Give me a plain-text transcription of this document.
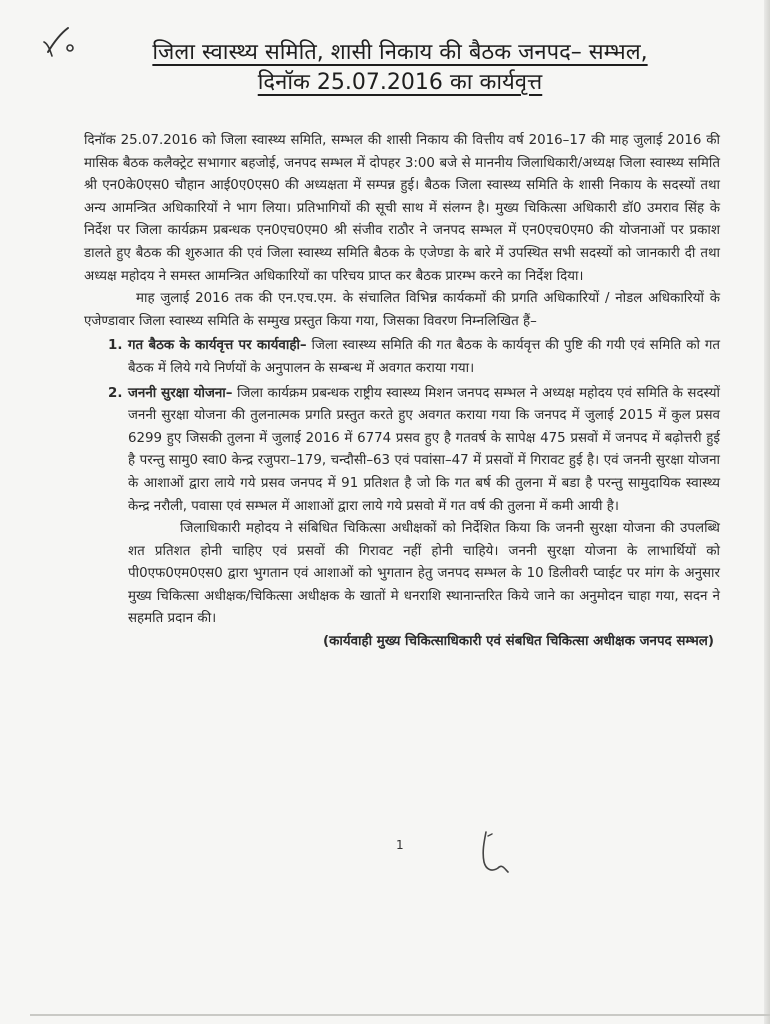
जिला स्वास्थ्य समिति, शासी निकाय की बैठक जनपद– सम्भल,
दिनॉक 25.07.2016 का कार्यवृत्त

दिनॉक 25.07.2016 को जिला स्वास्थ्य समिति, सम्भल की शासी निकाय की वित्तीय वर्ष 2016–17 की माह जुलाई 2016 की मासिक बैठक कलैक्ट्रेट सभागार बहजोई, जनपद सम्भल में दोपहर 3:00 बजे से माननीय जिलाधिकारी/अध्यक्ष जिला स्वास्थ्य समिति श्री एन0के0एस0 चौहान आई0ए0एस0 की अध्यक्षता में सम्पन्न हुई। बैठक जिला स्वास्थ्य समिति के शासी निकाय के सदस्यों तथा अन्य आमन्त्रित अधिकारियों ने भाग लिया। प्रतिभागियों की सूची साथ में संलग्न है। मुख्य चिकित्सा अधिकारी डॉ0 उमराव सिंह के निर्देश पर जिला कार्यक्रम प्रबन्धक एन0एच0एम0 श्री संजीव राठौर ने जनपद सम्भल में एन0एच0एम0 की योजनाओं पर प्रकाश डालते हुए बैठक की शुरुआत की एवं जिला स्वास्थ्य समिति बैठक के एजेण्डा के बारे में उपस्थित सभी सदस्यों को जानकारी दी तथा अध्यक्ष महोदय ने समस्त आमन्त्रित अधिकारियों का परिचय प्राप्त कर बैठक प्रारम्भ करने का निर्देश दिया।

माह जुलाई 2016 तक की एन.एच.एम. के संचालित विभिन्न कार्यकमों की प्रगति अधिकारियों / नोडल अधिकारियों के एजेण्डावार जिला स्वास्थ्य समिति के सम्मुख प्रस्तुत किया गया, जिसका विवरण निम्नलिखित हैं–

1. गत बैठक के कार्यवृत्त पर कार्यवाही– जिला स्वास्थ्य समिति की गत बैठक के कार्यवृत्त की पुष्टि की गयी एवं समिति को गत बैठक में लिये गये निर्णयों के अनुपालन के सम्बन्ध में अवगत कराया गया।

2. जननी सुरक्षा योजना– जिला कार्यक्रम प्रबन्धक राष्ट्रीय स्वास्थ्य मिशन जनपद सम्भल ने अध्यक्ष महोदय एवं समिति के सदस्यों जननी सुरक्षा योजना की तुलनात्मक प्रगति प्रस्तुत करते हुए अवगत कराया गया कि जनपद में जुलाई 2015 में कुल प्रसव 6299 हुए जिसकी तुलना में जुलाई 2016 में 6774 प्रसव हुए है गतवर्ष के सापेक्ष 475 प्रसवों में जनपद में बढ़ोत्तरी हुई है परन्तु सामु0 स्वा0 केन्द्र रजुपरा–179, चन्दौसी–63 एवं पवांसा–47 में प्रसवों में गिरावट हुई है। एवं जननी सुरक्षा योजना के आशाओं द्वारा लाये गये प्रसव जनपद में 91 प्रतिशत है जो कि गत बर्ष की तुलना में बडा है परन्तु सामुदायिक स्वास्थ्य केन्द्र नरौली, पवासा एवं सम्भल में आशाओं द्वारा लाये गये प्रसवो में गत वर्ष की तुलना में कमी आयी है।

जिलाधिकारी महोदय ने संबिधित चिकित्सा अधीक्षकों को निर्देशित किया कि जननी सुरक्षा योजना की उपलब्धि शत प्रतिशत होनी चाहिए एवं प्रसवों की गिरावट नहीं होनी चाहिये। जननी सुरक्षा योजना के लाभार्थियों को पी0एफ0एम0एस0 द्वारा भुगतान एवं आशाओं को भुगतान हेतु जनपद सम्भल के 10 डिलीवरी प्वाईट पर मांग के अनुसार मुख्य चिकित्सा अधीक्षक/चिकित्सा अधीक्षक के खातों मे धनराशि स्थानान्तरित किये जाने का अनुमोदन चाहा गया, सदन ने सहमति प्रदान की।

(कार्यवाही मुख्य चिकित्साधिकारी एवं संबधित चिकित्सा अधीक्षक जनपद सम्भल)

1
